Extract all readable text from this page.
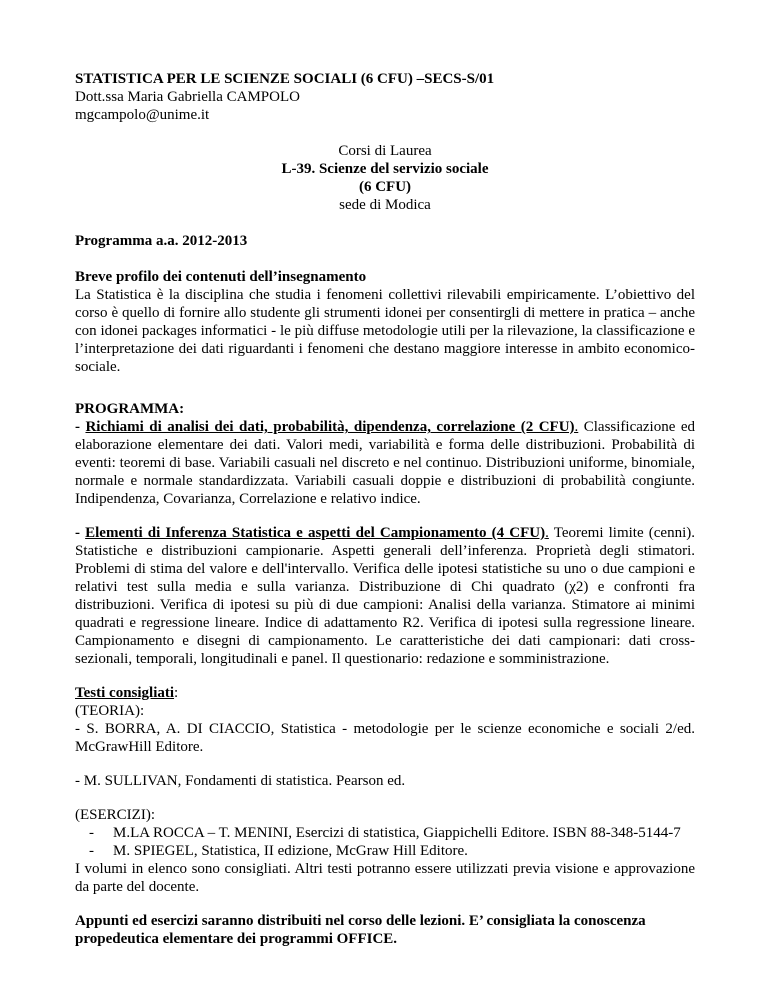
STATISTICA PER LE SCIENZE SOCIALI (6 CFU) –SECS-S/01

Dott.ssa Maria Gabriella CAMPOLO

mgcampolo@unime.it

Corsi di Laurea

L-39. Scienze del servizio sociale

(6 CFU)

sede di Modica

Programma a.a. 2012-2013

Breve profilo dei contenuti dell’insegnamento

La Statistica è la disciplina che studia i fenomeni collettivi rilevabili empiricamente. L’obiettivo del corso è quello di fornire allo studente gli strumenti idonei per consentirgli di mettere in pratica – anche con idonei packages informatici - le più diffuse metodologie utili per la rilevazione, la classificazione e l’interpretazione dei dati riguardanti i fenomeni che destano maggiore interesse in ambito economico-sociale.

PROGRAMMA:

- Richiami di analisi dei dati, probabilità, dipendenza, correlazione (2 CFU). Classificazione ed elaborazione elementare dei dati. Valori medi, variabilità e forma delle distribuzioni. Probabilità di eventi: teoremi di base. Variabili casuali nel discreto e nel continuo. Distribuzioni uniforme, binomiale, normale e normale standardizzata. Variabili casuali doppie e distribuzioni di probabilità congiunte. Indipendenza, Covarianza, Correlazione e relativo indice.

- Elementi di Inferenza Statistica e aspetti del Campionamento (4 CFU). Teoremi limite (cenni). Statistiche e distribuzioni campionarie. Aspetti generali dell’inferenza. Proprietà degli stimatori. Problemi di stima del valore e dell'intervallo. Verifica delle ipotesi statistiche su uno o due campioni e relativi test sulla media e sulla varianza. Distribuzione di Chi quadrato (χ2) e confronti fra distribuzioni. Verifica di ipotesi su più di due campioni: Analisi della varianza. Stimatore ai minimi quadrati e regressione lineare. Indice di adattamento R2. Verifica di ipotesi sulla regressione lineare. Campionamento e disegni di campionamento. Le caratteristiche dei dati campionari: dati cross-sezionali, temporali, longitudinali e panel. Il questionario: redazione e somministrazione.

Testi consigliati:

(TEORIA):

- S. BORRA, A. DI CIACCIO, Statistica - metodologie per le scienze economiche e sociali 2/ed. McGrawHill Editore.

- M. SULLIVAN, Fondamenti di statistica. Pearson ed.

(ESERCIZI):

- M.LA ROCCA – T. MENINI, Esercizi di statistica, Giappichelli Editore. ISBN 88-348-5144-7
- M. SPIEGEL, Statistica, II edizione, McGraw Hill Editore.

I volumi in elenco sono consigliati. Altri testi potranno essere utilizzati previa visione e approvazione da parte del docente.

Appunti ed esercizi saranno distribuiti nel corso delle lezioni. E’ consigliata la conoscenza propedeutica elementare dei programmi OFFICE.
